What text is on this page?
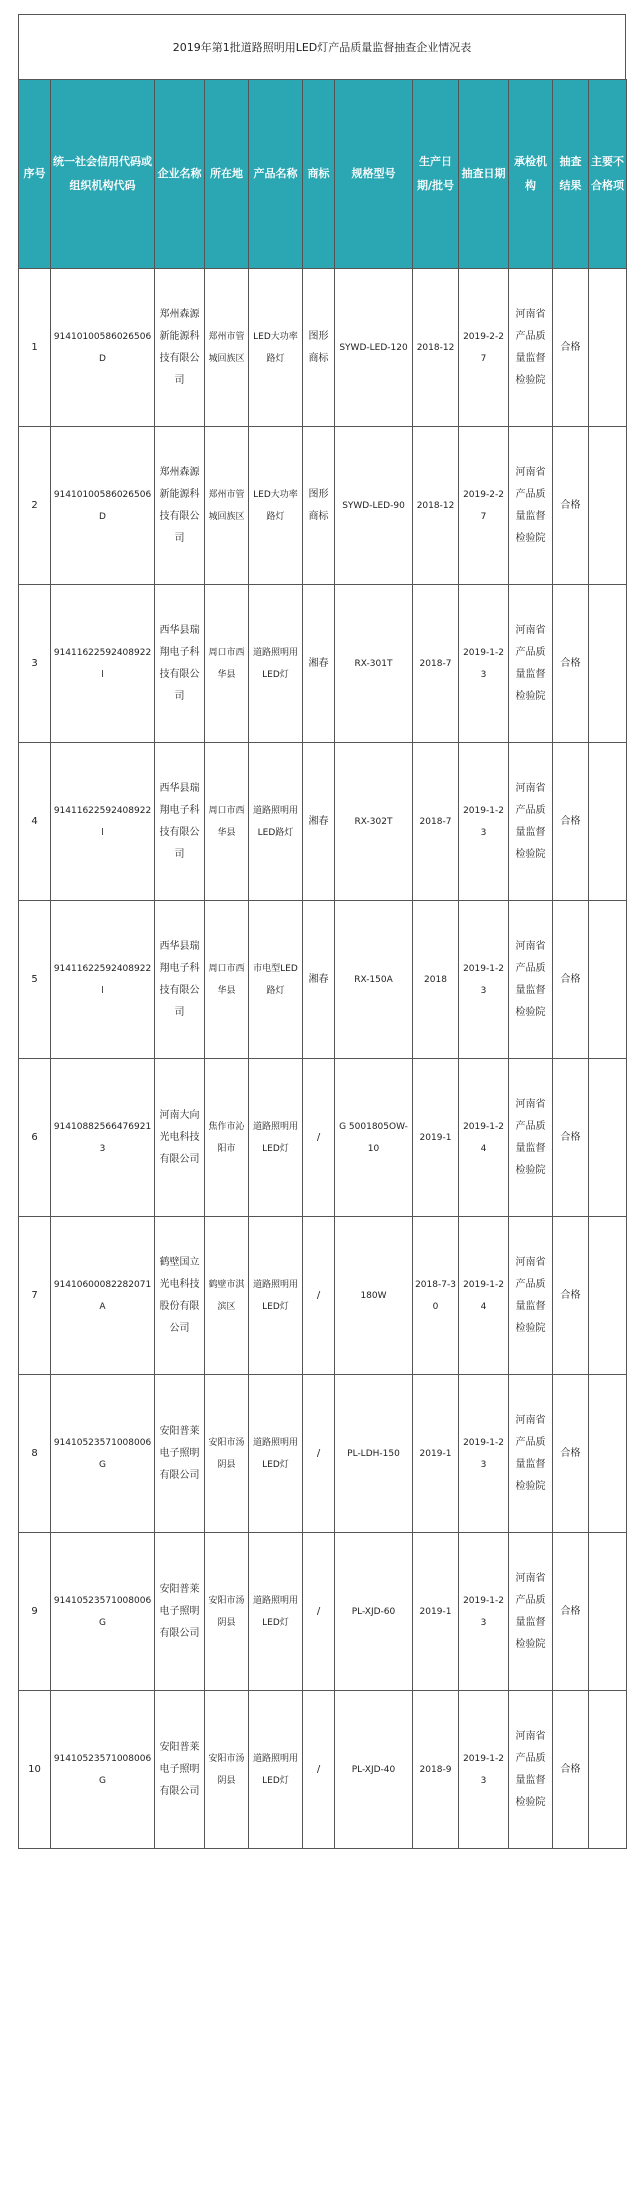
2019年第1批道路照明用LED灯产品质量监督抽查企业情况表
序号	统一社会信用代码或组织机构代码	企业名称	所在地	产品名称	商标	规格型号	生产日期/批号	抽查日期	承检机构	抽查结果	主要不合格项
1	91410100586026506D	郑州森源新能源科技有限公司	郑州市管城回族区	LED大功率路灯	图形商标	SYWD-LED-120	2018-12	2019-2-27	河南省产品质量监督检验院	合格	
2	91410100586026506D	郑州森源新能源科技有限公司	郑州市管城回族区	LED大功率路灯	图形商标	SYWD-LED-90	2018-12	2019-2-27	河南省产品质量监督检验院	合格	
3	91411622592408922l	西华县瑞翔电子科技有限公司	周口市西华县	道路照明用LED灯	湘春	RX-301T	2018-7	2019-1-23	河南省产品质量监督检验院	合格	
4	91411622592408922l	西华县瑞翔电子科技有限公司	周口市西华县	道路照明用LED路灯	湘春	RX-302T	2018-7	2019-1-23	河南省产品质量监督检验院	合格	
5	91411622592408922l	西华县瑞翔电子科技有限公司	周口市西华县	市电型LED路灯	湘春	RX-150A	2018	2019-1-23	河南省产品质量监督检验院	合格	
6	914108825664769213	河南大向光电科技有限公司	焦作市沁阳市	道路照明用LED灯	/	G 5001805OW-10	2019-1	2019-1-24	河南省产品质量监督检验院	合格	
7	91410600082282071A	鹤壁国立光电科技股份有限公司	鹤壁市淇滨区	道路照明用LED灯	/	180W	2018-7-30	2019-1-24	河南省产品质量监督检验院	合格	
8	91410523571008006G	安阳普莱电子照明有限公司	安阳市汤阴县	道路照明用LED灯	/	PL-LDH-150	2019-1	2019-1-23	河南省产品质量监督检验院	合格	
9	91410523571008006G	安阳普莱电子照明有限公司	安阳市汤阴县	道路照明用LED灯	/	PL-XJD-60	2019-1	2019-1-23	河南省产品质量监督检验院	合格	
10	91410523571008006G	安阳普莱电子照明有限公司	安阳市汤阴县	道路照明用LED灯	/	PL-XJD-40	2018-9	2019-1-23	河南省产品质量监督检验院	合格	
